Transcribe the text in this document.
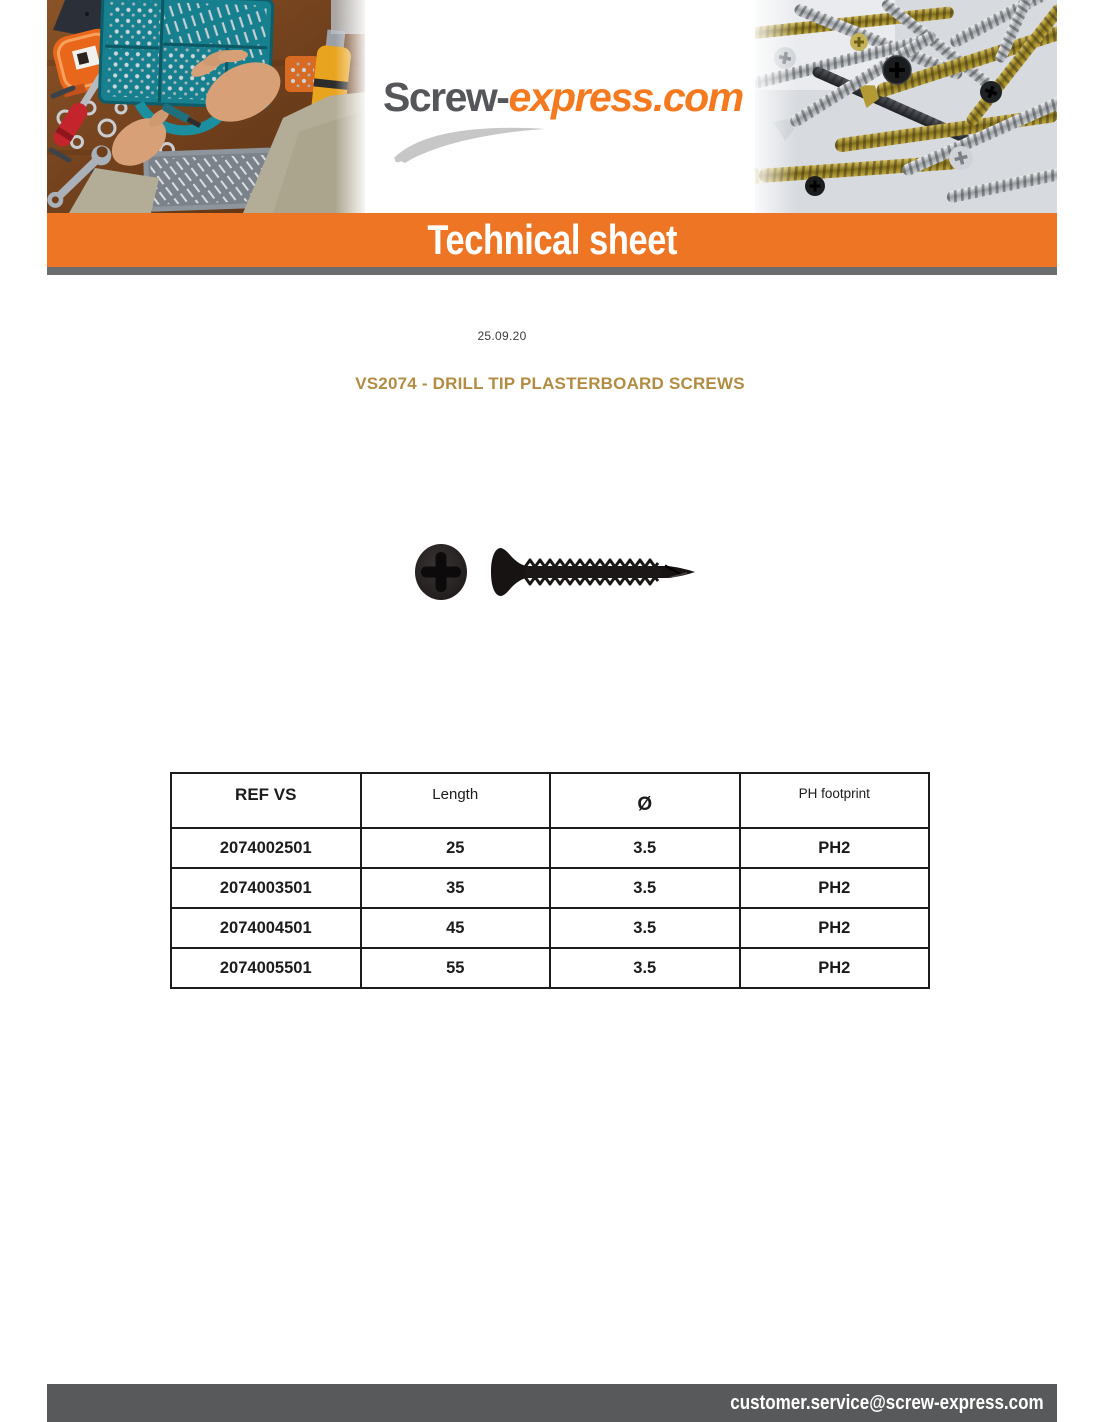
Screw-express.com
Technical sheet
25.09.20
VS2074 - DRILL TIP PLASTERBOARD SCREWS
REF VS	Length	Ø	PH footprint
2074002501	25	3.5	PH2
2074003501	35	3.5	PH2
2074004501	45	3.5	PH2
2074005501	55	3.5	PH2
customer.service@screw-express.com
